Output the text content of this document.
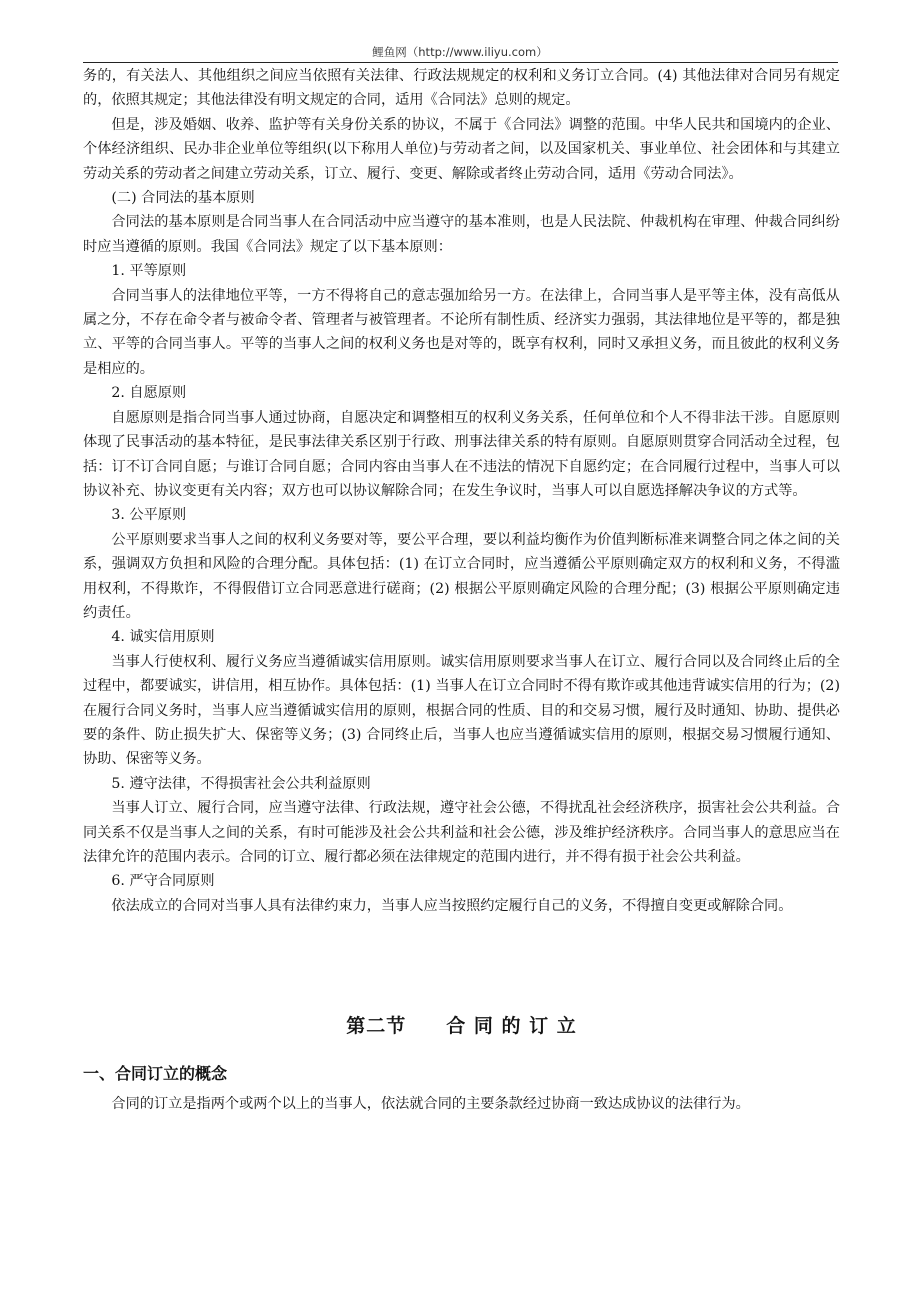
鲤鱼网（http://www.iliyu.com）

务的，有关法人、其他组织之间应当依照有关法律、行政法规规定的权利和义务订立合同。(4) 其他法律对合同另有规定的，依照其规定；其他法律没有明文规定的合同，适用《合同法》总则的规定。

但是，涉及婚姻、收养、监护等有关身份关系的协议，不属于《合同法》调整的范围。中华人民共和国境内的企业、个体经济组织、民办非企业单位等组织(以下称用人单位)与劳动者之间，以及国家机关、事业单位、社会团体和与其建立劳动关系的劳动者之间建立劳动关系，订立、履行、变更、解除或者终止劳动合同，适用《劳动合同法》。

(二) 合同法的基本原则

合同法的基本原则是合同当事人在合同活动中应当遵守的基本准则，也是人民法院、仲裁机构在审理、仲裁合同纠纷时应当遵循的原则。我国《合同法》规定了以下基本原则：

1. 平等原则

合同当事人的法律地位平等，一方不得将自己的意志强加给另一方。在法律上，合同当事人是平等主体，没有高低从属之分，不存在命令者与被命令者、管理者与被管理者。不论所有制性质、经济实力强弱，其法律地位是平等的，都是独立、平等的合同当事人。平等的当事人之间的权利义务也是对等的，既享有权利，同时又承担义务，而且彼此的权利义务是相应的。

2. 自愿原则

自愿原则是指合同当事人通过协商，自愿决定和调整相互的权利义务关系，任何单位和个人不得非法干涉。自愿原则体现了民事活动的基本特征，是民事法律关系区别于行政、刑事法律关系的特有原则。自愿原则贯穿合同活动全过程，包括：订不订合同自愿；与谁订合同自愿；合同内容由当事人在不违法的情况下自愿约定；在合同履行过程中，当事人可以协议补充、协议变更有关内容；双方也可以协议解除合同；在发生争议时，当事人可以自愿选择解决争议的方式等。

3. 公平原则

公平原则要求当事人之间的权利义务要对等，要公平合理，要以利益均衡作为价值判断标准来调整合同之体之间的关系，强调双方负担和风险的合理分配。具体包括：(1) 在订立合同时，应当遵循公平原则确定双方的权利和义务，不得滥用权利，不得欺诈，不得假借订立合同恶意进行磋商；(2) 根据公平原则确定风险的合理分配；(3) 根据公平原则确定违约责任。

4. 诚实信用原则

当事人行使权利、履行义务应当遵循诚实信用原则。诚实信用原则要求当事人在订立、履行合同以及合同终止后的全过程中，都要诚实，讲信用，相互协作。具体包括：(1) 当事人在订立合同时不得有欺诈或其他违背诚实信用的行为；(2) 在履行合同义务时，当事人应当遵循诚实信用的原则，根据合同的性质、目的和交易习惯，履行及时通知、协助、提供必要的条件、防止损失扩大、保密等义务；(3) 合同终止后，当事人也应当遵循诚实信用的原则，根据交易习惯履行通知、协助、保密等义务。

5. 遵守法律，不得损害社会公共利益原则

当事人订立、履行合同，应当遵守法律、行政法规，遵守社会公德，不得扰乱社会经济秩序，损害社会公共利益。合同关系不仅是当事人之间的关系，有时可能涉及社会公共利益和社会公德，涉及维护经济秩序。合同当事人的意思应当在法律允许的范围内表示。合同的订立、履行都必须在法律规定的范围内进行，并不得有损于社会公共利益。

6. 严守合同原则

依法成立的合同对当事人具有法律约束力，当事人应当按照约定履行自己的义务，不得擅自变更或解除合同。

第二节　　合 同 的 订 立
一、合同订立的概念

合同的订立是指两个或两个以上的当事人，依法就合同的主要条款经过协商一致达成协议的法律行为。
